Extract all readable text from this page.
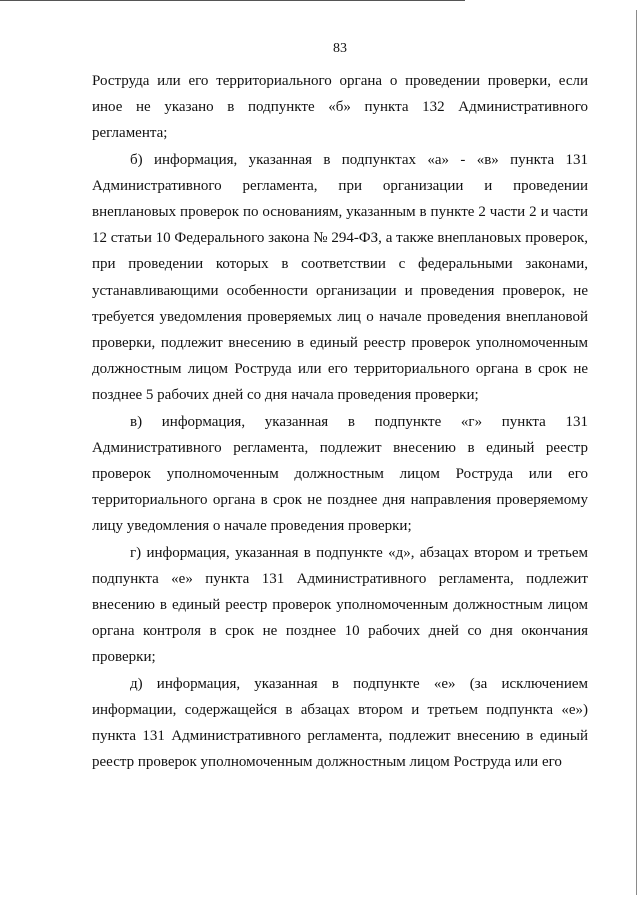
83

Роструда или его территориального органа о проведении проверки, если иное не указано в подпункте «б» пункта 132 Административного регламента;

б) информация, указанная в подпунктах «а» - «в» пункта 131 Административного регламента, при организации и проведении внеплановых проверок по основаниям, указанным в пункте 2 части 2 и части 12 статьи 10 Федерального закона № 294-ФЗ, а также внеплановых проверок, при проведении которых в соответствии с федеральными законами, устанавливающими особенности организации и проведения проверок, не требуется уведомления проверяемых лиц о начале проведения внеплановой проверки, подлежит внесению в единый реестр проверок уполномоченным должностным лицом Роструда или его территориального органа в срок не позднее 5 рабочих дней со дня начала проведения проверки;

в) информация, указанная в подпункте «г» пункта 131 Административного регламента, подлежит внесению в единый реестр проверок уполномоченным должностным лицом Роструда или его территориального органа в срок не позднее дня направления проверяемому лицу уведомления о начале проведения проверки;

г) информация, указанная в подпункте «д», абзацах втором и третьем подпункта «е» пункта 131 Административного регламента, подлежит внесению в единый реестр проверок уполномоченным должностным лицом органа контроля в срок не позднее 10 рабочих дней со дня окончания проверки;

д) информация, указанная в подпункте «е» (за исключением информации, содержащейся в абзацах втором и третьем подпункта «е») пункта 131 Административного регламента, подлежит внесению в единый реестр проверок уполномоченным должностным лицом Роструда или его
